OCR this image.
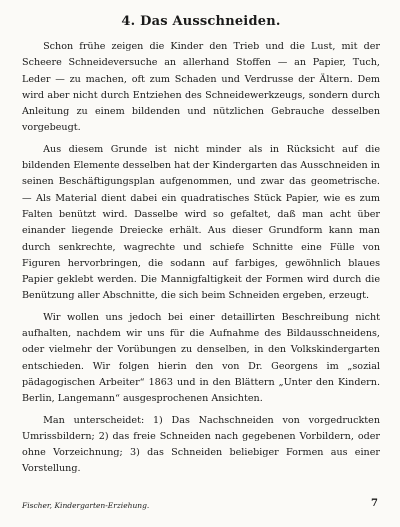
4. Das Ausschneiden.

Schon frühe zeigen die Kinder den Trieb und die Lust, mit der Scheere Schneideversuche an allerhand Stoffen — an Papier, Tuch, Leder — zu machen, oft zum Schaden und Verdrusse der Ältern. Dem wird aber nicht durch Entziehen des Schneidewerkzeugs, sondern durch Anleitung zu einem bildenden und nützlichen Gebrauche desselben vorgebeugt.

Aus diesem Grunde ist nicht minder als in Rücksicht auf die bildenden Elemente desselben hat der Kindergarten das Ausschneiden in seinen Beschäftigungsplan aufgenommen, und zwar das geometrische. — Als Material dient dabei ein quadratisches Stück Papier, wie es zum Falten benützt wird. Dasselbe wird so gefaltet, daß man acht über einander liegende Dreiecke erhält. Aus dieser Grundform kann man durch senkrechte, wagrechte und schiefe Schnitte eine Fülle von Figuren hervorbringen, die sodann auf farbiges, gewöhnlich blaues Papier geklebt werden. Die Mannigfaltigkeit der Formen wird durch die Benützung aller Abschnitte, die sich beim Schneiden ergeben, erzeugt.

Wir wollen uns jedoch bei einer detaillirten Beschreibung nicht aufhalten, nachdem wir uns für die Aufnahme des Bildausschneidens, oder vielmehr der Vorübungen zu denselben, in den Volkskindergarten entschieden. Wir folgen hierin den von Dr. Georgens im „sozial pädagogischen Arbeiter“ 1863 und in den Blättern „Unter den Kindern. Berlin, Langemann“ ausgesprochenen Ansichten.

Man unterscheidet: 1) Das Nachschneiden von vorgedruckten Umrissbildern; 2) das freie Schneiden nach gegebenen Vorbildern, oder ohne Vorzeichnung; 3) das Schneiden beliebiger Formen aus einer Vorstellung.

Fischer, Kindergarten-Erziehung.	7
